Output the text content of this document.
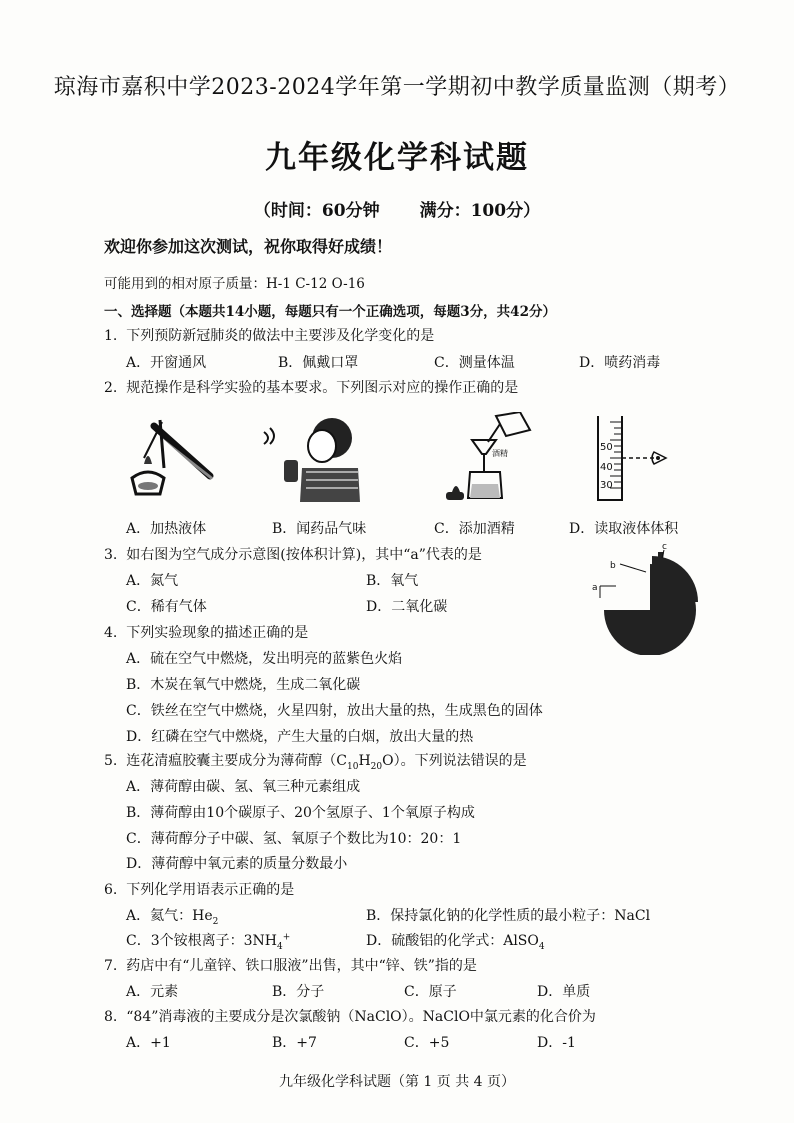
琼海市嘉积中学2023-2024学年第一学期初中教学质量监测（期考）
九年级化学科试题
（时间：60分钟 满分：100分）
欢迎你参加这次测试，祝你取得好成绩！
可能用到的相对原子质量：H-1 C-12 O-16
一、选择题（本题共14小题，每题只有一个正确选项，每题3分，共42分）
1. 下列预防新冠肺炎的做法中主要涉及化学变化的是
A．开窗通风	B．佩戴口罩	C．测量体温	D．喷药消毒
2. 规范操作是科学实验的基本要求。下列图示对应的操作正确的是
酒精
50
40
30
A．加热液体	B．闻药品气味	C．添加酒精	D．读取液体体积
3. 如右图为空气成分示意图(按体积计算)，其中“a”代表的是
A．氮气	B．氧气
C．稀有气体	D．二氧化碳
a
b
c
4. 下列实验现象的描述正确的是
A．硫在空气中燃烧，发出明亮的蓝紫色火焰
B．木炭在氧气中燃烧，生成二氧化碳
C．铁丝在空气中燃烧，火星四射，放出大量的热，生成黑色的固体
D．红磷在空气中燃烧，产生大量的白烟，放出大量的热
5. 连花清瘟胶囊主要成分为薄荷醇$(C_{10}H_{20}O)$。下列说法错误的是
A．薄荷醇由碳、氢、氧三种元素组成
B．薄荷醇由10个碳原子、20个氢原子、1个氧原子构成
C．薄荷醇分子中碳、氢、氧原子个数比为10：20：1
D．薄荷醇中氧元素的质量分数最小
6. 下列化学用语表示正确的是
A．氦气：$He_2$	B．保持氯化钠的化学性质的最小粒子：NaCl
C．3个铵根离子：$3NH_4^+$	D．硫酸铝的化学式：AlSO$_4$
7. 药店中有“儿童锌、铁口服液”出售，其中“锌、铁”指的是
A．元素	B．分子	C．原子	D．单质
8. “84”消毒液的主要成分是次氯酸钠（NaClO）。NaClO中氯元素的化合价为
A．+1	B．+7	C．+5	D．-1
九年级化学科试题（第 1 页 共 4 页）
